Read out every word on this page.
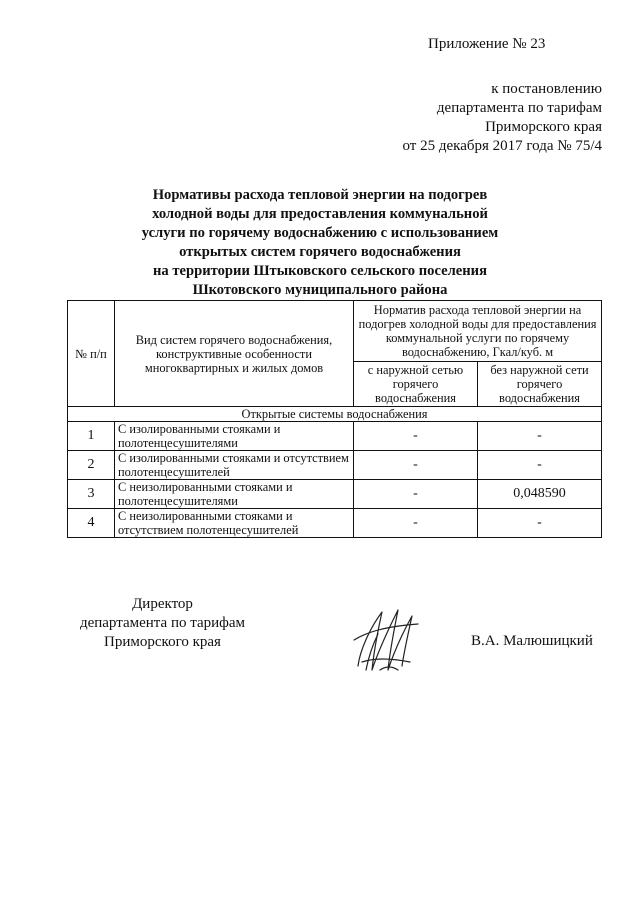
Приложение № 23
к постановлению
департамента по тарифам
Приморского края
от 25 декабря 2017 года № 75/4
Нормативы расхода тепловой энергии на подогрев
холодной воды для предоставления коммунальной
услуги по горячему водоснабжению с использованием
открытых систем горячего водоснабжения
на территории Штыковского сельского поселения
Шкотовского муниципального района
№ п/п	Вид систем горячего водоснабжения, конструктивные особенности многоквартирных и жилых домов	Норматив расхода тепловой энергии на подогрев холодной воды для предоставления коммунальной услуги по горячему водоснабжению, Гкал/куб. м	
		с наружной сетью горячего водоснабжения	без наружной сети горячего водоснабжения
Открытые системы водоснабжения			
1	С изолированными стояками и полотенцесушителями	-	-
2	С изолированными стояками и отсутствием полотенцесушителей	-	-
3	С неизолированными стояками и полотенцесушителями	-	0,048590
4	С неизолированными стояками и отсутствием полотенцесушителей	-	-
Директор
департамента по тарифам
Приморского края	В.А. Малюшицкий
